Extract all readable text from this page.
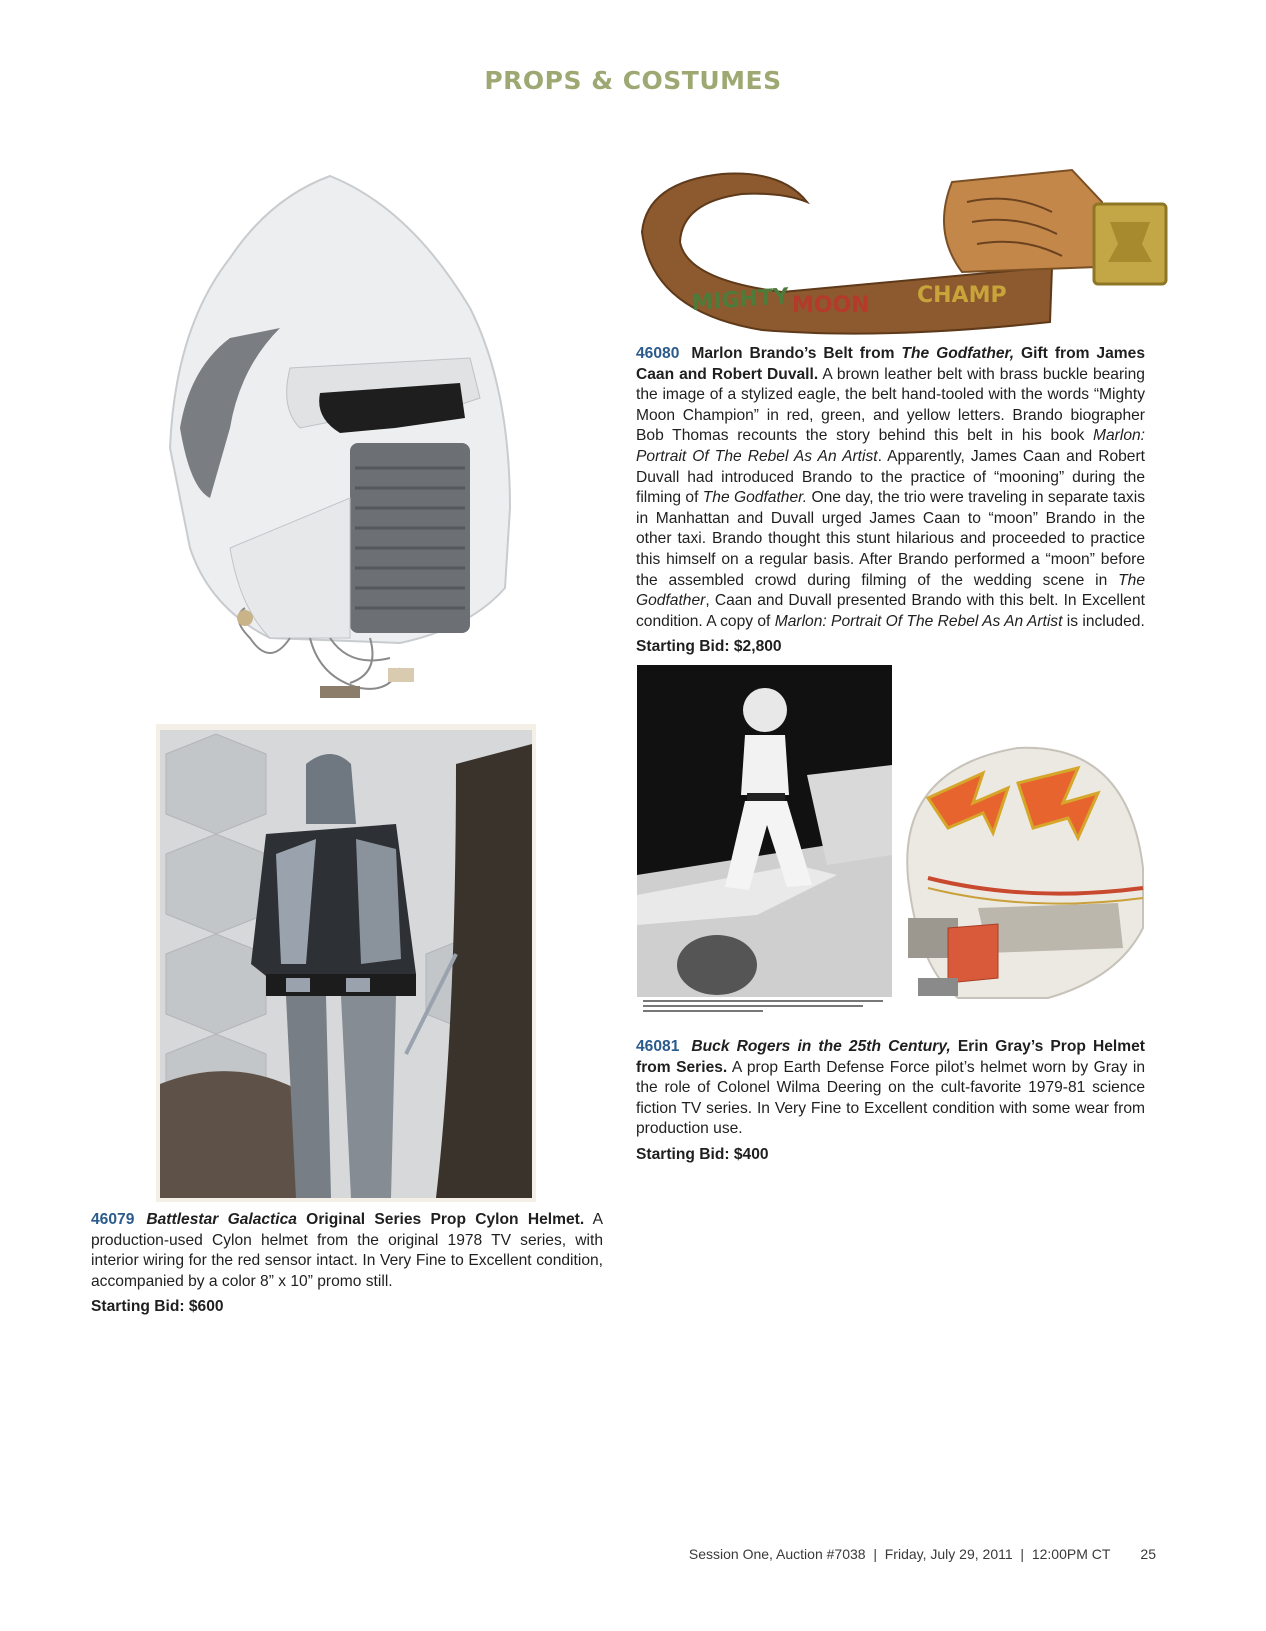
PROPS & COSTUMES
MIGHTY MOON CHAMP
46080 Marlon Brando’s Belt from The Godfather, Gift from James Caan and Robert Duvall. A brown leather belt with brass buckle bearing the image of a stylized eagle, the belt hand-tooled with the words “Mighty Moon Champion” in red, green, and yellow letters. Brando biographer Bob Thomas recounts the story behind this belt in his book Marlon: Portrait Of The Rebel As An Artist. Apparently, James Caan and Robert Duvall had introduced Brando to the practice of “mooning” during the filming of The Godfather. One day, the trio were traveling in separate taxis in Manhattan and Duvall urged James Caan to “moon” Brando in the other taxi. Brando thought this stunt hilarious and proceeded to practice this himself on a regular basis. After Brando performed a “moon” before the assembled crowd during filming of the wedding scene in The Godfather, Caan and Duvall presented Brando with this belt. In Excellent condition. A copy of Marlon: Portrait Of The Rebel As An Artist is included.
Starting Bid: $2,800
46081 Buck Rogers in the 25th Century, Erin Gray’s Prop Helmet from Series. A prop Earth Defense Force pilot’s helmet worn by Gray in the role of Colonel Wilma Deering on the cult-favorite 1979-81 science fiction TV series. In Very Fine to Excellent condition with some wear from production use.
Starting Bid: $400
46079 Battlestar Galactica Original Series Prop Cylon Helmet. A production-used Cylon helmet from the original 1978 TV series, with interior wiring for the red sensor intact. In Very Fine to Excellent condition, accompanied by a color 8” x 10” promo still.
Starting Bid: $600
Session One, Auction #7038  |  Friday, July 29, 2011  |  12:00PM CT 25
